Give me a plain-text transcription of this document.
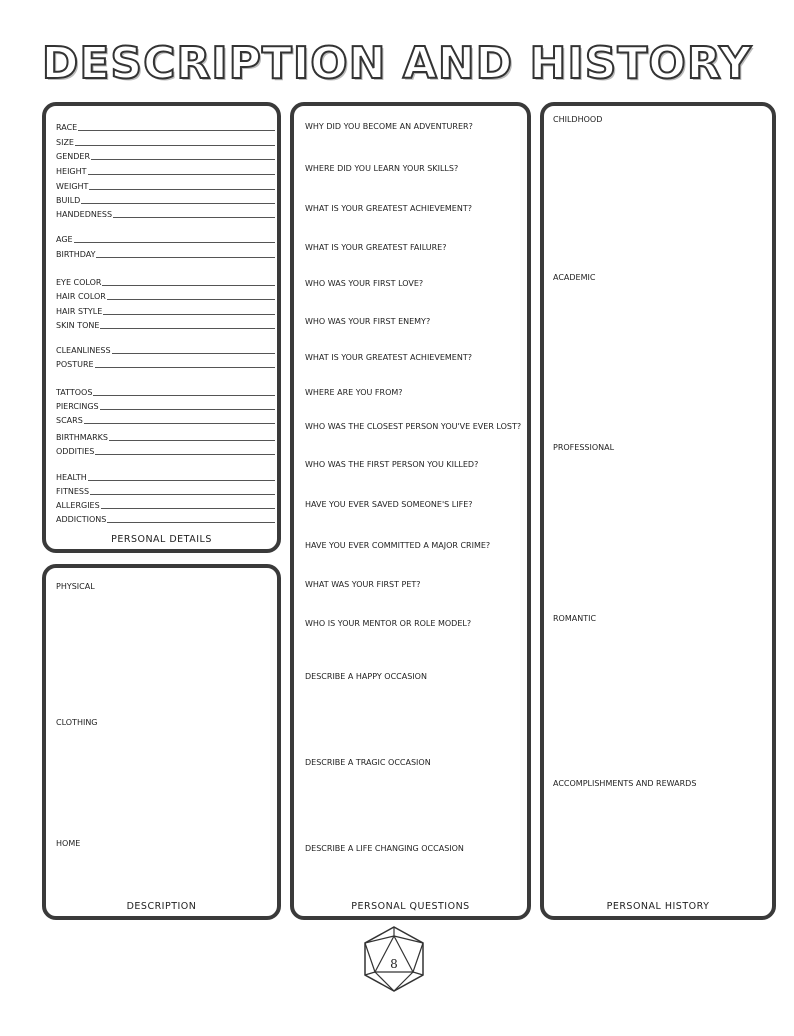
DESCRIPTION AND HISTORY
RACE
SIZE
GENDER
HEIGHT
WEIGHT
BUILD
HANDEDNESS
AGE
BIRTHDAY
EYE COLOR
HAIR COLOR
HAIR STYLE
SKIN TONE
CLEANLINESS
POSTURE
TATTOOS
PIERCINGS
SCARS
BIRTHMARKS
ODDITIES
HEALTH
FITNESS
ALLERGIES
ADDICTIONS
PERSONAL DETAILS
PHYSICAL
CLOTHING
HOME
DESCRIPTION
WHY DID YOU BECOME AN ADVENTURER?
WHERE DID YOU LEARN YOUR SKILLS?
WHAT IS YOUR GREATEST ACHIEVEMENT?
WHAT IS YOUR GREATEST FAILURE?
WHO WAS YOUR FIRST LOVE?
WHO WAS YOUR FIRST ENEMY?
WHAT IS YOUR GREATEST ACHIEVEMENT?
WHERE ARE YOU FROM?
WHO WAS THE CLOSEST PERSON YOU'VE EVER LOST?
WHO WAS THE FIRST PERSON YOU KILLED?
HAVE YOU EVER SAVED SOMEONE'S LIFE?
HAVE YOU EVER COMMITTED A MAJOR CRIME?
WHAT WAS YOUR FIRST PET?
WHO IS YOUR MENTOR OR ROLE MODEL?
DESCRIBE A HAPPY OCCASION
DESCRIBE A TRAGIC OCCASION
DESCRIBE A LIFE CHANGING OCCASION
PERSONAL QUESTIONS
CHILDHOOD
ACADEMIC
PROFESSIONAL
ROMANTIC
ACCOMPLISHMENTS AND REWARDS
PERSONAL HISTORY
8
